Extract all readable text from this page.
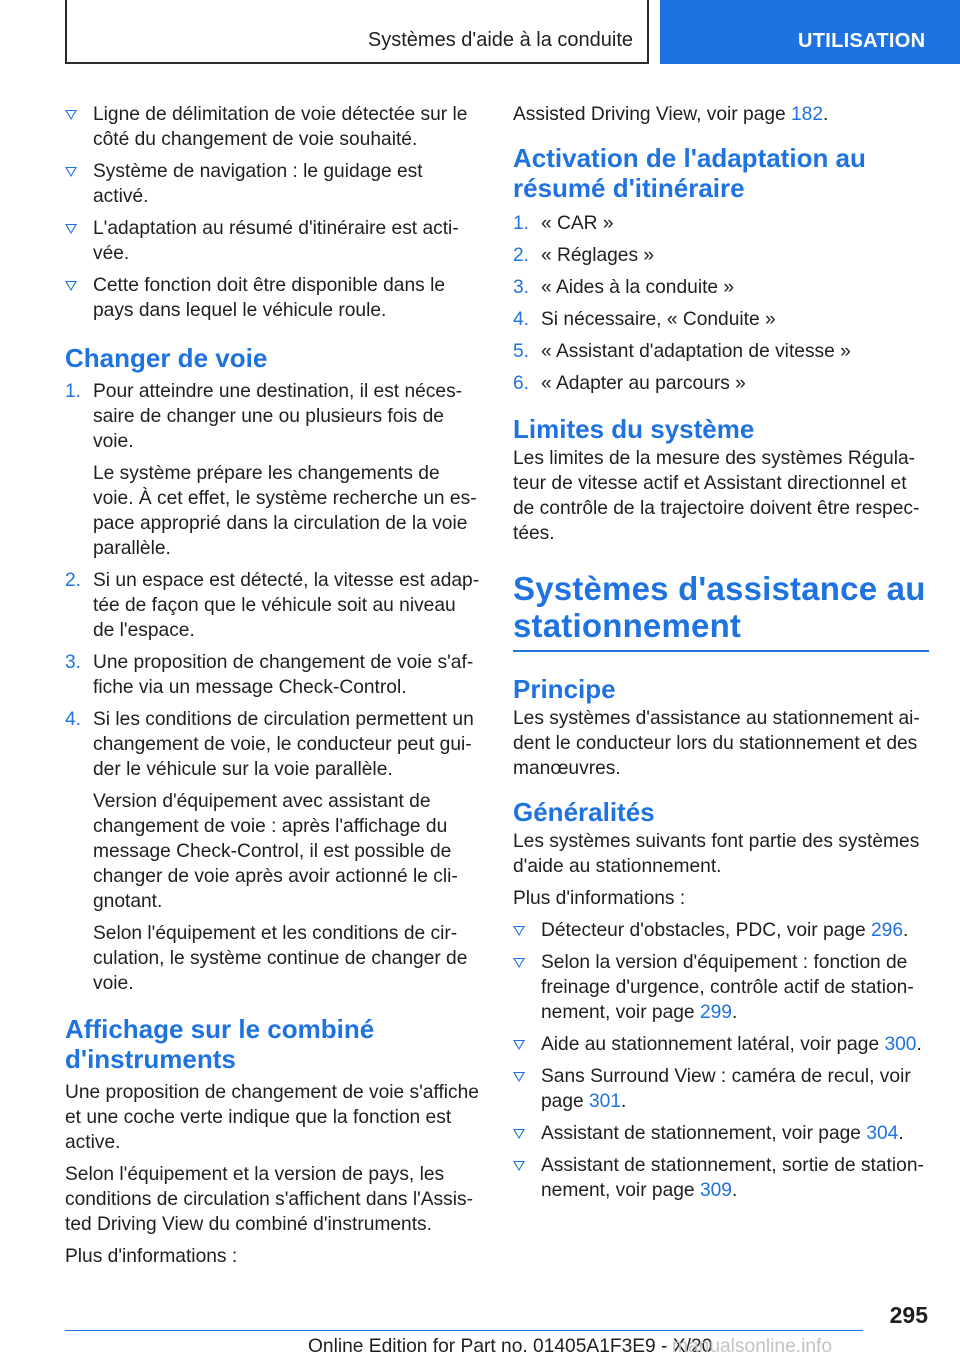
Systèmes d'aide à la conduite	UTILISATION
Ligne de délimitation de voie détectée sur le côté du changement de voie souhaité.
Système de navigation : le guidage est activé.
L'adaptation au résumé d'itinéraire est activée.
Cette fonction doit être disponible dans le pays dans lequel le véhicule roule.
Changer de voie
1. Pour atteindre une destination, il est nécessaire de changer une ou plusieurs fois de voie.

Le système prépare les changements de voie. À cet effet, le système recherche un espace approprié dans la circulation de la voie parallèle.

2. Si un espace est détecté, la vitesse est adaptée de façon que le véhicule soit au niveau de l'espace.
3. Une proposition de changement de voie s'affiche via un message Check-Control.
4. Si les conditions de circulation permettent un changement de voie, le conducteur peut guider le véhicule sur la voie parallèle.

Version d'équipement avec assistant de changement de voie : après l'affichage du message Check-Control, il est possible de changer de voie après avoir actionné le clignotant.

Selon l'équipement et les conditions de circulation, le système continue de changer de voie.

Affichage sur le combiné d'instruments

Une proposition de changement de voie s'affiche et une coche verte indique que la fonction est active.

Selon l'équipement et la version de pays, les conditions de circulation s'affichent dans l'Assisted Driving View du combiné d'instruments.

Plus d'informations :

Assisted Driving View, voir page 182.

Activation de l'adaptation au résumé d'itinéraire
1. « CAR »
2. « Réglages »
3. « Aides à la conduite »
4. Si nécessaire, « Conduite »
5. « Assistant d'adaptation de vitesse »
6. « Adapter au parcours »
Limites du système

Les limites de la mesure des systèmes Régulateur de vitesse actif et Assistant directionnel et de contrôle de la trajectoire doivent être respectées.

Systèmes d'assistance au stationnement
Principe

Les systèmes d'assistance au stationnement aident le conducteur lors du stationnement et des manœuvres.

Généralités

Les systèmes suivants font partie des systèmes d'aide au stationnement.

Plus d'informations :

Détecteur d'obstacles, PDC, voir page 296.
Selon la version d'équipement : fonction de freinage d'urgence, contrôle actif de stationnement, voir page 299.
Aide au stationnement latéral, voir page 300.
Sans Surround View : caméra de recul, voir page 301.
Assistant de stationnement, voir page 304.
Assistant de stationnement, sortie de stationnement, voir page 309.
295
Online Edition for Part no. 01405A1F3E9 - X/20
manualsonline.info
